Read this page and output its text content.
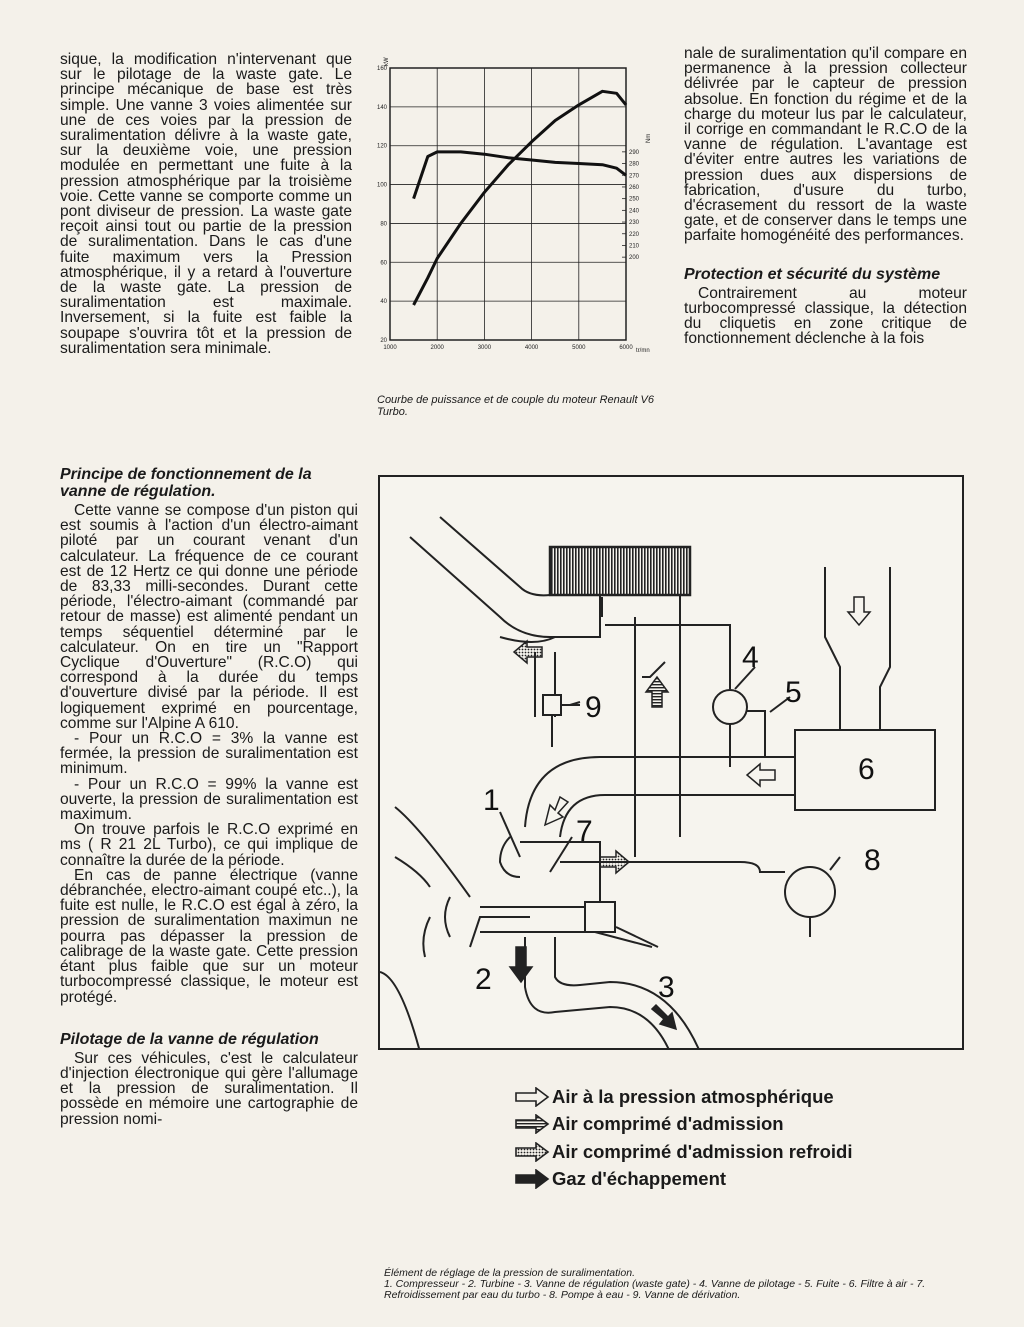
sique, la modification n'intervenant que sur le pilotage de la waste gate. Le principe mécanique de base est très simple. Une vanne 3 voies alimentée sur une de ces voies par la pression de suralimentation délivre à la waste gate, sur la deuxième voie, une pression modulée en permettant une fuite à la pression atmosphérique par la troisième voie. Cette vanne se comporte comme un pont diviseur de pression. La waste gate reçoit ainsi tout ou partie de la pression de suralimentation. Dans le cas d'une fuite maximum vers la Pression atmosphérique, il y a retard à l'ouverture de la waste gate. La pression de suralimentation est maximale. Inversement, si la fuite est faible la soupape s'ouvrira tôt et la pression de suralimentation sera minimale.	20
40
60
80
100
120
140
160
1000	2000	3000	4000	5000	6000
200
210
220
230
240
250
260
270
280
290
kW
Nm
tr/mn
Courbe de puissance et de couple du moteur Renault V6 Turbo.

nale de suralimentation qu'il compare en permanence à la pression collecteur délivrée par le capteur de pression absolue. En fonction du régime et de la charge du moteur lus par le calculateur, il corrige en commandant le R.C.O de la vanne de régulation. L'avantage est d'éviter entre autres les variations de pression dues aux dispersions de fabrication, d'usure du turbo, d'écrasement du ressort de la waste gate, et de conserver dans le temps une parfaite homogénéité des performances.

Protection et sécurité du système

Contrairement au moteur turbocompressé classique, la détection du cliquetis en zone critique de fonctionnement déclenche à la fois

Principe de fonctionnement de la vanne de régulation.

Cette vanne se compose d'un piston qui est soumis à l'action d'un électro-aimant piloté par un courant venant d'un calculateur. La fréquence de ce courant est de 12 Hertz ce qui donne une période de 83,33 milli-secondes. Durant cette période, l'électro-aimant (commandé par retour de masse) est alimenté pendant un temps séquentiel déterminé par le calculateur. On en tire un "Rapport Cyclique d'Ouverture" (R.C.O) qui correspond à la durée du temps d'ouverture divisé par la période. Il est logiquement exprimé en pourcentage, comme sur l'Alpine A 610.

- Pour un R.C.O = 3% la vanne est fermée, la pression de suralimentation est minimum.

- Pour un R.C.O = 99% la vanne est ouverte, la pression de suralimentation est maximum.

On trouve parfois le R.C.O exprimé en ms ( R 21 2L Turbo), ce qui implique de connaître la durée de la période.

En cas de panne électrique (vanne débranchée, electro-aimant coupé etc..), la fuite est nulle, le R.C.O est égal à zéro, la pression de suralimentation maximun ne pourra pas dépasser la pression de calibrage de la waste gate. Cette pression étant plus faible que sur un moteur turbocompressé classique, le moteur est protégé.

Pilotage de la vanne de régulation

Sur ces véhicules, c'est le calculateur d'injection électronique qui gère l'allumage et la pression de suralimentation. Il possède en mémoire une cartographie de pression nomi-

1
2	3
4
5
6
7
8
9
Air à la pression atmosphérique
Air comprimé d'admission
Air comprimé d'admission refroidi
Gaz d'échappement

Élément de réglage de la pression de suralimentation.

1. Compresseur - 2. Turbine - 3. Vanne de régulation (waste gate) - 4. Vanne de pilotage - 5. Fuite - 6. Filtre à air - 7. Refroidissement par eau du turbo - 8. Pompe à eau - 9. Vanne de dérivation.
